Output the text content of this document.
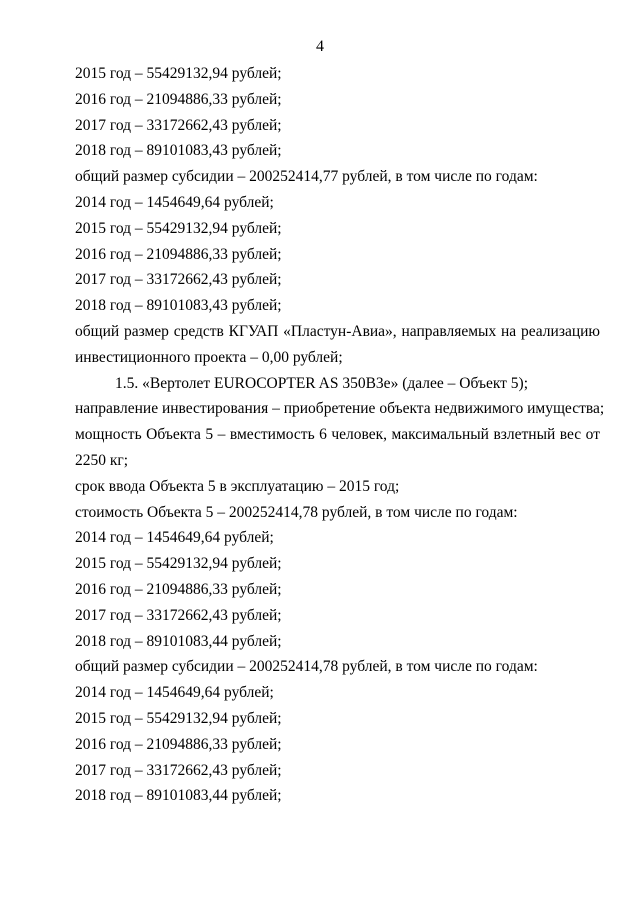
4
2015 год – 55429132,94 рублей;
2016 год – 21094886,33 рублей;
2017 год – 33172662,43 рублей;
2018 год – 89101083,43 рублей;
общий размер субсидии – 200252414,77 рублей, в том числе по годам:
2014 год – 1454649,64 рублей;
2015 год – 55429132,94 рублей;
2016 год – 21094886,33 рублей;
2017 год – 33172662,43 рублей;
2018 год – 89101083,43 рублей;
общий размер средств КГУАП «Пластун-Авиа», направляемых на реализацию
инвестиционного проекта – 0,00 рублей;
1.5. «Вертолет EUROCOPTER AS 350B3e» (далее – Объект 5);
направление инвестирования – приобретение объекта недвижимого имущества;
мощность Объекта 5 – вместимость 6 человек, максимальный взлетный вес от
2250 кг;
срок ввода Объекта 5 в эксплуатацию – 2015 год;
стоимость Объекта 5 – 200252414,78 рублей, в том числе по годам:
2014 год – 1454649,64 рублей;
2015 год – 55429132,94 рублей;
2016 год – 21094886,33 рублей;
2017 год – 33172662,43 рублей;
2018 год – 89101083,44 рублей;
общий размер субсидии – 200252414,78 рублей, в том числе по годам:
2014 год – 1454649,64 рублей;
2015 год – 55429132,94 рублей;
2016 год – 21094886,33 рублей;
2017 год – 33172662,43 рублей;
2018 год – 89101083,44 рублей;
